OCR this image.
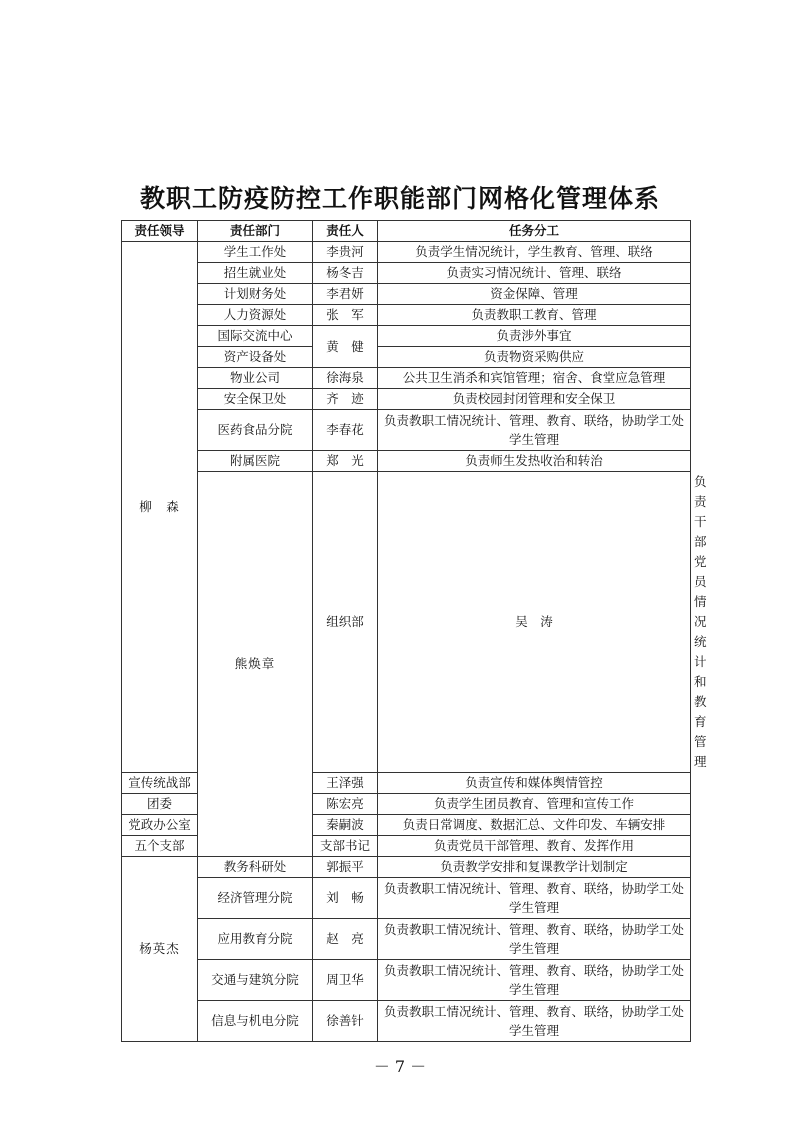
教职工防疫防控工作职能部门网格化管理体系
责任领导	责任部门	责任人	任务分工	
柳　森	学生工作处	李贵河	负责学生情况统计，学生教育、管理、联络	
	招生就业处	杨冬吉	负责实习情况统计、管理、联络	
	计划财务处	李君妍	资金保障、管理	
	人力资源处	张　军	负责教职工教育、管理	
	国际交流中心	黄　健	负责涉外事宜	
	资产设备处		负责物资采购供应	
	物业公司	徐海泉	公共卫生消杀和宾馆管理；宿舍、食堂应急管理	
	安全保卫处	齐　迹	负责校园封闭管理和安全保卫	
	医药食品分院	李春花	负责教职工情况统计、管理、教育、联络，协助学工处学生管理	
	附属医院	郑　光	负责师生发热收治和转治	
	熊焕章	组织部	吴　涛	负责干部党员情况统计和教育管理
宣传统战部		王泽强	负责宣传和媒体舆情管控	
团委		陈宏亮	负责学生团员教育、管理和宣传工作	
党政办公室		秦嗣波	负责日常调度、数据汇总、文件印发、车辆安排	
五个支部		支部书记	负责党员干部管理、教育、发挥作用	
杨英杰	教务科研处	郭振平	负责教学安排和复课教学计划制定	
	经济管理分院	刘　畅	负责教职工情况统计、管理、教育、联络，协助学工处学生管理	
	应用教育分院	赵　亮	负责教职工情况统计、管理、教育、联络，协助学工处学生管理	
	交通与建筑分院	周卫华	负责教职工情况统计、管理、教育、联络，协助学工处学生管理	
	信息与机电分院	徐善针	负责教职工情况统计、管理、教育、联络，协助学工处学生管理	
－ 7 －
